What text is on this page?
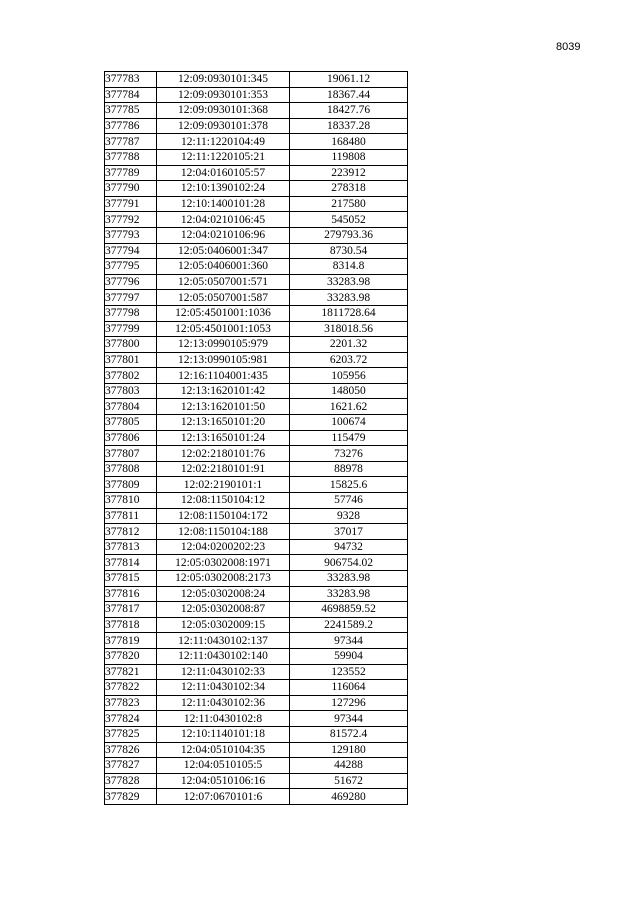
8039
377783	12:09:0930101:345	19061.12
377784	12:09:0930101:353	18367.44
377785	12:09:0930101:368	18427.76
377786	12:09:0930101:378	18337.28
377787	12:11:1220104:49	168480
377788	12:11:1220105:21	119808
377789	12:04:0160105:57	223912
377790	12:10:1390102:24	278318
377791	12:10:1400101:28	217580
377792	12:04:0210106:45	545052
377793	12:04:0210106:96	279793.36
377794	12:05:0406001:347	8730.54
377795	12:05:0406001:360	8314.8
377796	12:05:0507001:571	33283.98
377797	12:05:0507001:587	33283.98
377798	12:05:4501001:1036	1811728.64
377799	12:05:4501001:1053	318018.56
377800	12:13:0990105:979	2201.32
377801	12:13:0990105:981	6203.72
377802	12:16:1104001:435	105956
377803	12:13:1620101:42	148050
377804	12:13:1620101:50	1621.62
377805	12:13:1650101:20	100674
377806	12:13:1650101:24	115479
377807	12:02:2180101:76	73276
377808	12:02:2180101:91	88978
377809	12:02:2190101:1	15825.6
377810	12:08:1150104:12	57746
377811	12:08:1150104:172	9328
377812	12:08:1150104:188	37017
377813	12:04:0200202:23	94732
377814	12:05:0302008:1971	906754.02
377815	12:05:0302008:2173	33283.98
377816	12:05:0302008:24	33283.98
377817	12:05:0302008:87	4698859.52
377818	12:05:0302009:15	2241589.2
377819	12:11:0430102:137	97344
377820	12:11:0430102:140	59904
377821	12:11:0430102:33	123552
377822	12:11:0430102:34	116064
377823	12:11:0430102:36	127296
377824	12:11:0430102:8	97344
377825	12:10:1140101:18	81572.4
377826	12:04:0510104:35	129180
377827	12:04:0510105:5	44288
377828	12:04:0510106:16	51672
377829	12:07:0670101:6	469280
